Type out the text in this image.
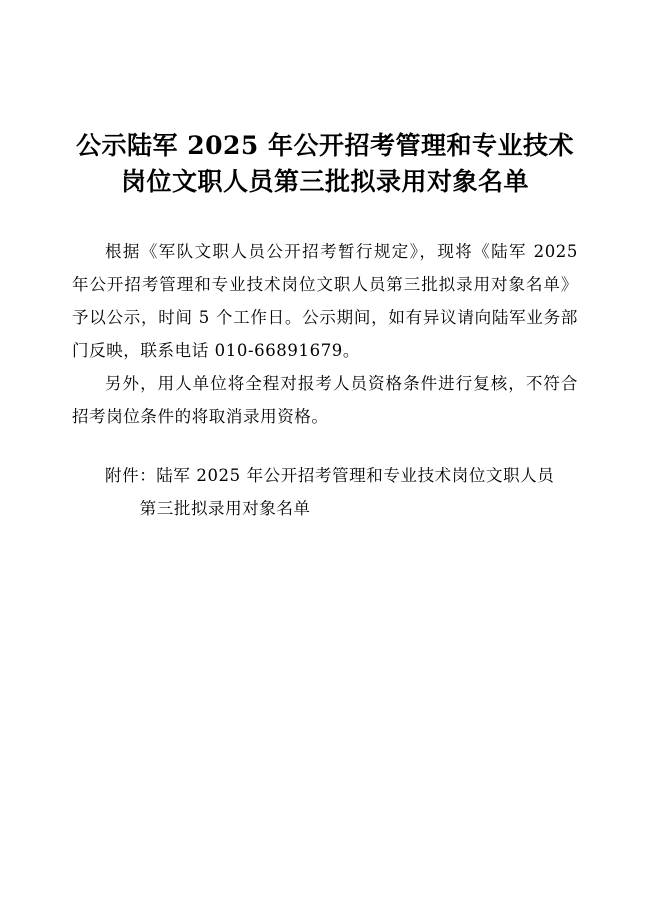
公示陆军 2025 年公开招考管理和专业技术
岗位文职人员第三批拟录用对象名单

根据《军队文职人员公开招考暂行规定》，现将《陆军 2025 年公开招考管理和专业技术岗位文职人员第三批拟录用对象名单》予以公示，时间 5 个工作日。公示期间，如有异议请向陆军业务部门反映，联系电话 010-66891679。

另外，用人单位将全程对报考人员资格条件进行复核，不符合招考岗位条件的将取消录用资格。

附件：陆军 2025 年公开招考管理和专业技术岗位文职人员

第三批拟录用对象名单
